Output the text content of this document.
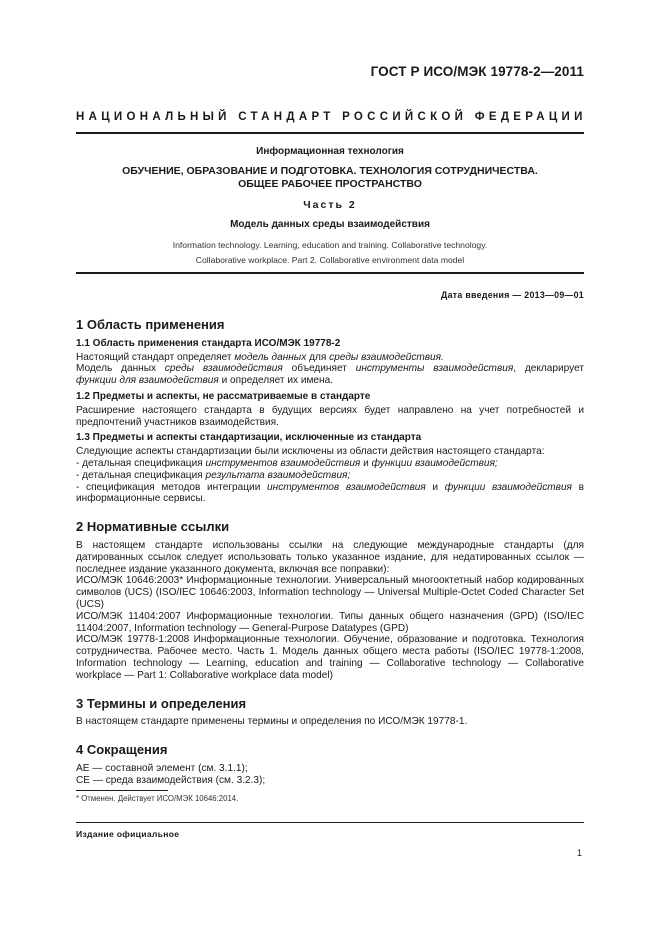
ГОСТ Р ИСО/МЭК 19778-2—2011
НАЦИОНАЛЬНЫЙ СТАНДАРТ РОССИЙСКОЙ ФЕДЕРАЦИИ
Информационная технология
ОБУЧЕНИЕ, ОБРАЗОВАНИЕ И ПОДГОТОВКА. ТЕХНОЛОГИЯ СОТРУДНИЧЕСТВА.
ОБЩЕЕ РАБОЧЕЕ ПРОСТРАНСТВО
Часть 2
Модель данных среды взаимодействия
Information technology. Learning, education and training. Collaborative technology.
Collaborative workplace. Part 2. Collaborative environment data model
Дата введения — 2013—09—01
1 Область применения
1.1 Область применения стандарта ИСО/МЭК 19778-2

Настоящий стандарт определяет модель данных для среды взаимодействия.

Модель данных среды взаимодействия объединяет инструменты взаимодействия, декларирует функции для взаимодействия и определяет их имена.

1.2 Предметы и аспекты, не рассматриваемые в стандарте

Расширение настоящего стандарта в будущих версиях будет направлено на учет потребностей и предпочтений участников взаимодействия.

1.3 Предметы и аспекты стандартизации, исключенные из стандарта

Следующие аспекты стандартизации были исключены из области действия настоящего стандарта:

- детальная спецификация инструментов взаимодействия и функции взаимодействия;

- детальная спецификация результата взаимодействия;

- спецификация методов интеграции инструментов взаимодействия и функции взаимодействия в информационные сервисы.

2 Нормативные ссылки

В настоящем стандарте использованы ссылки на следующие международные стандарты (для датированных ссылок следует использовать только указанное издание, для недатированных ссылок — последнее издание указанного документа, включая все поправки):

ИСО/МЭК 10646:2003* Информационные технологии. Универсальный многооктетный набор кодированных символов (UCS) (ISO/IEC 10646:2003, Information technology — Universal Multiple-Octet Coded Character Set (UCS)

ИСО/МЭК 11404:2007 Информационные технологии. Типы данных общего назначения (GPD) (ISO/IEC 11404:2007, Information technology — General-Purpose Datatypes (GPD)

ИСО/МЭК 19778-1:2008 Информационные технологии. Обучение, образование и подготовка. Технология сотрудничества. Рабочее место. Часть 1. Модель данных общего места работы (ISO/IEC 19778-1:2008, Information technology — Learning, education and training — Collaborative technology — Collaborative workplace — Part 1: Collaborative workplace data model)

3 Термины и определения

В настоящем стандарте применены термины и определения по ИСО/МЭК 19778-1.

4 Сокращения

АЕ — составной элемент (см. 3.1.1);

СЕ — среда взаимодействия (см. 3.2.3);

* Отменен. Действует ИСО/МЭК 10646:2014.
Издание официальное
1
